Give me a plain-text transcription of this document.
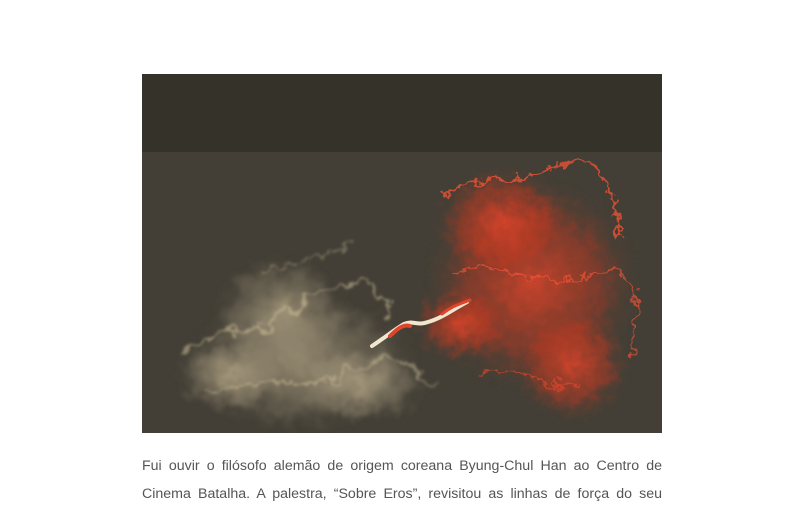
Fui ouvir o filósofo alemão de origem coreana Byung-Chul Han ao Centro de
Cinema Batalha. A palestra, “Sobre Eros”, revisitou as linhas de força do seu
